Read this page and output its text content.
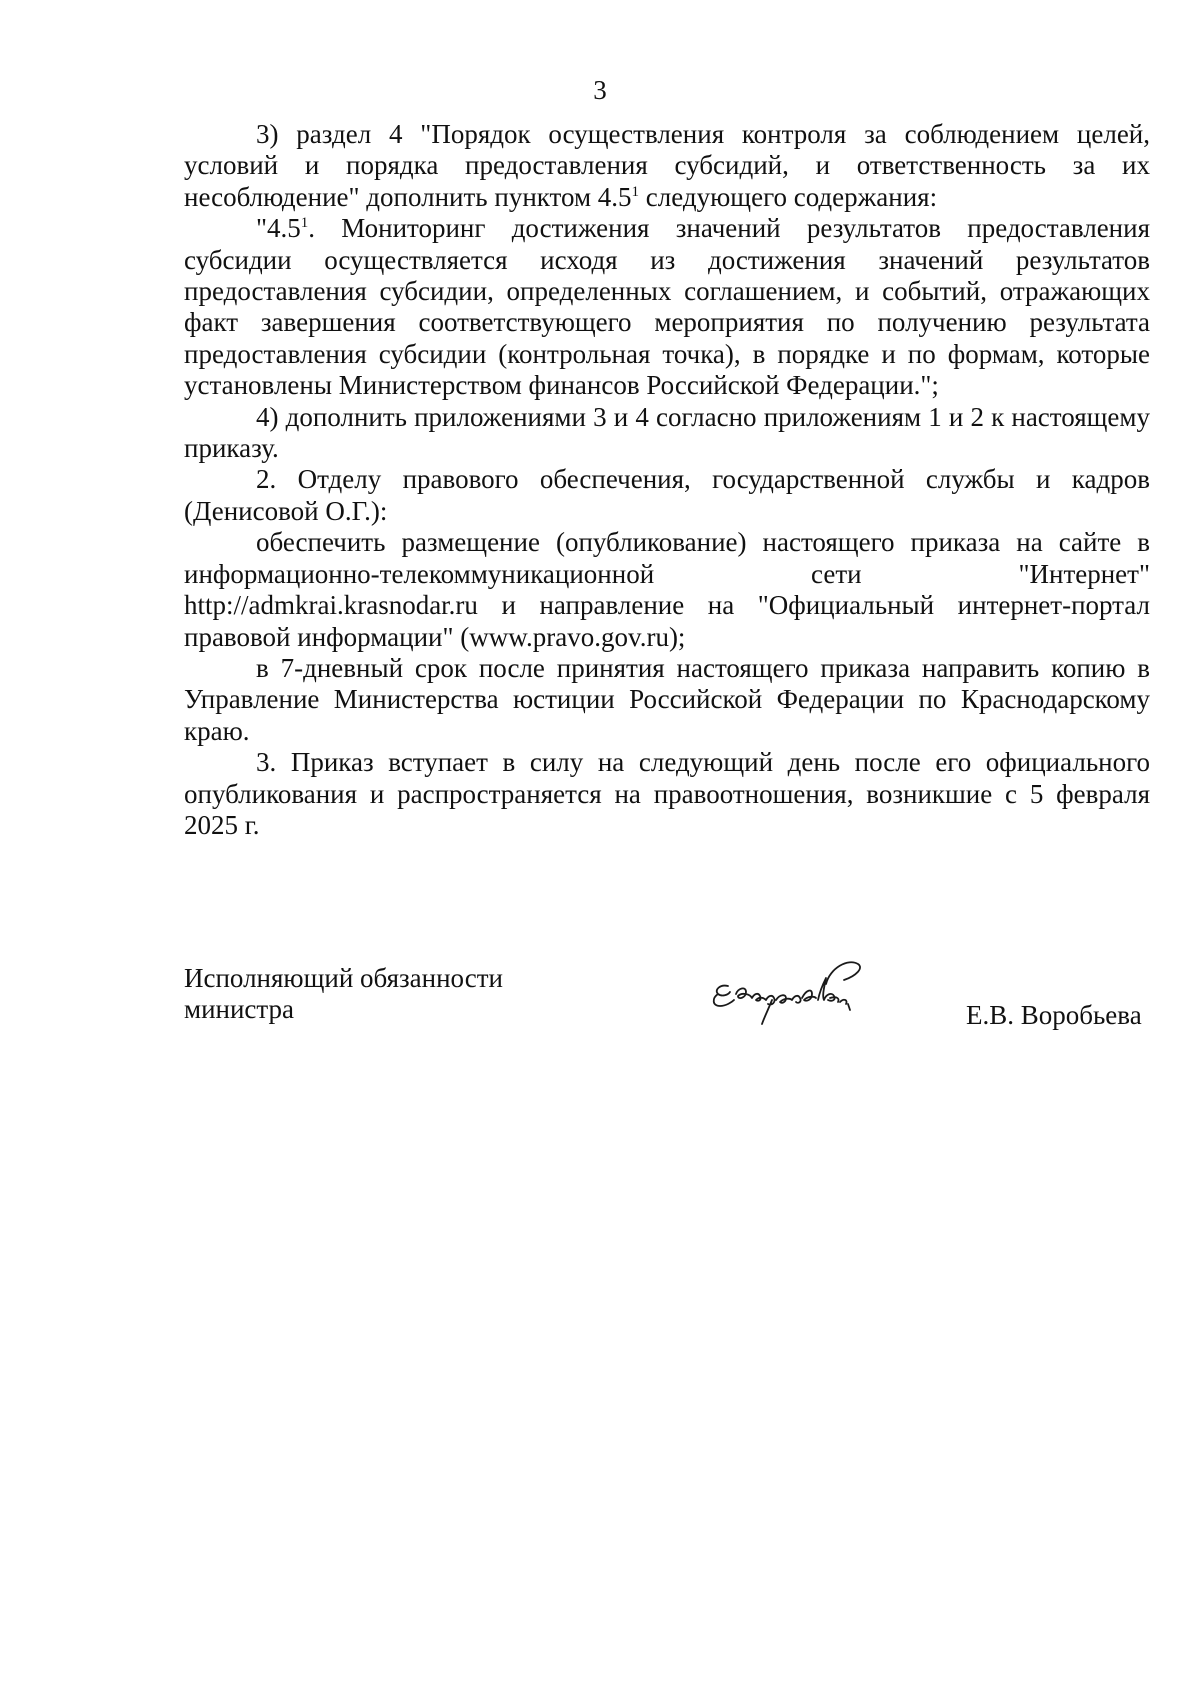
3

3) раздел 4 "Порядок осуществления контроля за соблюдением целей, условий и порядка предоставления субсидий, и ответственность за их несоблюдение" дополнить пунктом $4.5^1$ следующего содержания:

"$4.5^1$. Мониторинг достижения значений результатов предоставления субсидии осуществляется исходя из достижения значений результатов предоставления субсидии, определенных соглашением, и событий, отражающих факт завершения соответствующего мероприятия по получению результата предоставления субсидии (контрольная точка), в порядке и по формам, которые установлены Министерством финансов Российской Федерации.";

4) дополнить приложениями 3 и 4 согласно приложениям 1 и 2 к настоящему приказу.

2. Отделу правового обеспечения, государственной службы и кадров (Денисовой О.Г.):

обеспечить размещение (опубликование) настоящего приказа на сайте в информационно-телекоммуникационной сети "Интернет" http://admkrai.krasnodar.ru и направление на "Официальный интернет-портал правовой информации" (www.pravo.gov.ru);

в 7-дневный срок после принятия настоящего приказа направить копию в Управление Министерства юстиции Российской Федерации по Краснодарскому краю.

3. Приказ вступает в силу на следующий день после его официального опубликования и распространяется на правоотношения, возникшие с 5 февраля 2025 г.

Исполняющий обязанности
министра	Е.В. Воробьева
